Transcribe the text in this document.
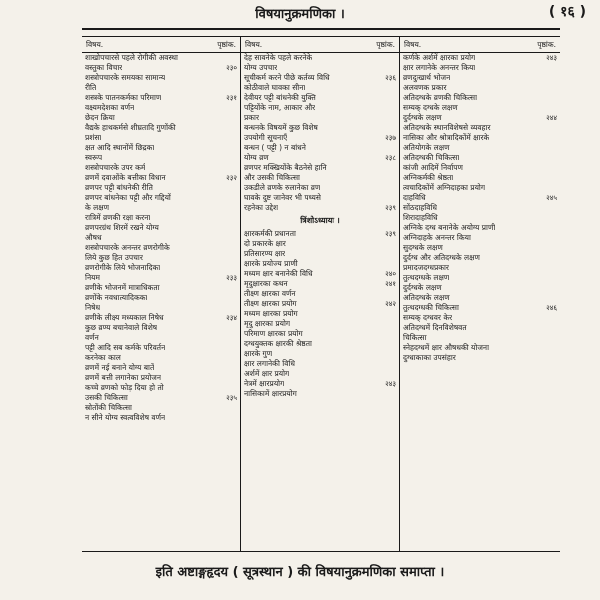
विषयानुक्रमणिका ।	( १६ )
विषय.	पृष्ठांक.
शाखोपचारसे पहले रोगीकी अवस्था
वस्तुका विचार	२३०
शस्त्रोपचारके समयका सामान्य
रीति
शस्त्रके पातनकर्मका परिमाण	२३१
वक्ष्यमदेशका वर्णन
छेदन क्रिया
वैद्यके हाथकर्मसे शीघ्रतादि गुणोंकी
प्रशंसा
क्षत आदि स्थानोंमें छिद्रका
स्वरूप
शस्त्रोपचारके उपर कर्म
व्रणमें दवाओंके बत्तीका विधान	२३२
व्रणपर पट्टी बांधनेकी रीति
व्रणपर बांधनेका पट्टी और गद्दियों
के लक्षण
रात्रिमें व्रणकी रक्षा करना
व्रणपरग्रंथ शिरमें रखने योग्य
औषध
शस्त्रोपचारके अनन्तर व्रणरोगीके
लिये कुछ हित उपचार
व्रणरोगीके लिये भोजनादिका
नियम	२३३
व्रणीके भोजनमें मात्राधिकता
व्रणोंके नवधात्यादिकका
निषेध
व्रणीके लीक्ष्य मध्यकाल निषेध	२३४
कुछ व्रण्य बचानेवाले विशेष
वर्णन
पट्टी आदि सब कर्मके परिवर्तन
करनेका काल
व्रणमें नई बनाने योग्य बातें
व्रणमें बत्ती लगानेका प्रयोजन
कच्चे व्रणको फोड़ दिया हो तो
उसकी चिकित्सा	२३५
स्रोतोंकी चिकित्सा
न सीने योग्य स्वत्वविशेष वर्णन
विषय.	पृष्ठांक.
देह सावनेके पहले करनेके
योग्य उपचार
सूचीकर्म करने पीछे कर्तव्य विधि	२३६
कोठीवाले घावका सीना
देवीयर पट्टी बांधनेकी युक्ति
पट्टियोंके नाम, आकार और
प्रकार
बन्धनके विषयमें कुछ विशेष
उपयोगी सूचनाएँ	२३७
बन्धन ( पट्टी ) न बांधने
योग्य व्रण	२३८
व्रणपर मक्खियोंके बैठनेसे हानि
और उसकी चिकित्सा
उकडीले व्रणके रुलानेका व्रण
घावके दुष्ट जानेवर भी पथ्यसे
रहनेका उद्देश	२३९
त्रिंशोऽध्यायः ।
क्षारकर्मकी प्रधानता	२३९
दो प्रकारके क्षार
प्रतिसारण्य क्षार
क्षारके प्रयोज्य प्राणी
मध्यम क्षार बनानेकी विधि	२४०
मृदुक्षारका कथन	२४१
तीक्ष्ण क्षारका वर्णन
तीक्ष्ण क्षारका प्रयोग	२४२
मध्यम क्षारका प्रयोग
मृदु क्षारका प्रयोग
परिमाण क्षारका प्रयोग
दग्धयुक्तक क्षारकी श्रेष्ठता
क्षारके गुण
क्षार लगानेकी विधि
अर्शमें क्षार प्रयोग
नेत्रमें क्षारप्रयोग	२४३
नासिकामें क्षारप्रयोग
विषय.	पृष्ठांक.
कर्णके अर्शमें क्षारका प्रयोग	२४३
क्षार लगानेके अनन्तर किया
व्रणदुःखार्थ भोजन
अलवणक प्रकार
अतिदग्धके व्रणकी चिकित्सा
सम्यक् दग्धके लक्षण
दुर्दग्धके लक्षण	२४४
अतिदग्धके स्थानविशेषसे व्यवहार
नासिका और श्रोत्रादिकोंमें क्षारके
अतियोगके लक्षण
अतिदग्धकी चिकित्सा
कांजी आदिमें निर्वापण
अग्निकर्मकी श्रेष्ठता
त्वचादिकोंमें अग्निदाहका प्रयोग
दाहविधि	२४५
सोंठदाहविधि
शिरादाहविधि
अग्निके दग्ध बनानेके अयोग्य प्राणी
अग्निदाहके अनन्तर किया
सुदग्धके लक्षण
दुर्दग्ध और अतिदग्धके लक्षण
प्रमादजदग्धप्रकार
तुत्थदग्धके लक्षण
दुर्दग्धके लक्षण
अतिदग्धके लक्षण
तुत्थदग्धकी चिकित्सा	२४६
सम्यक् दग्धवर केर
अतिदग्धमें दिनविशेषवत
चिकित्सा
स्नेहदग्धमें क्षार औषधकी योजना
दुग्धाकाका उपसंहार
इति अष्टाङ्गहृदय ( सूत्रस्थान ) की विषयानुक्रमणिका समाप्ता ।
